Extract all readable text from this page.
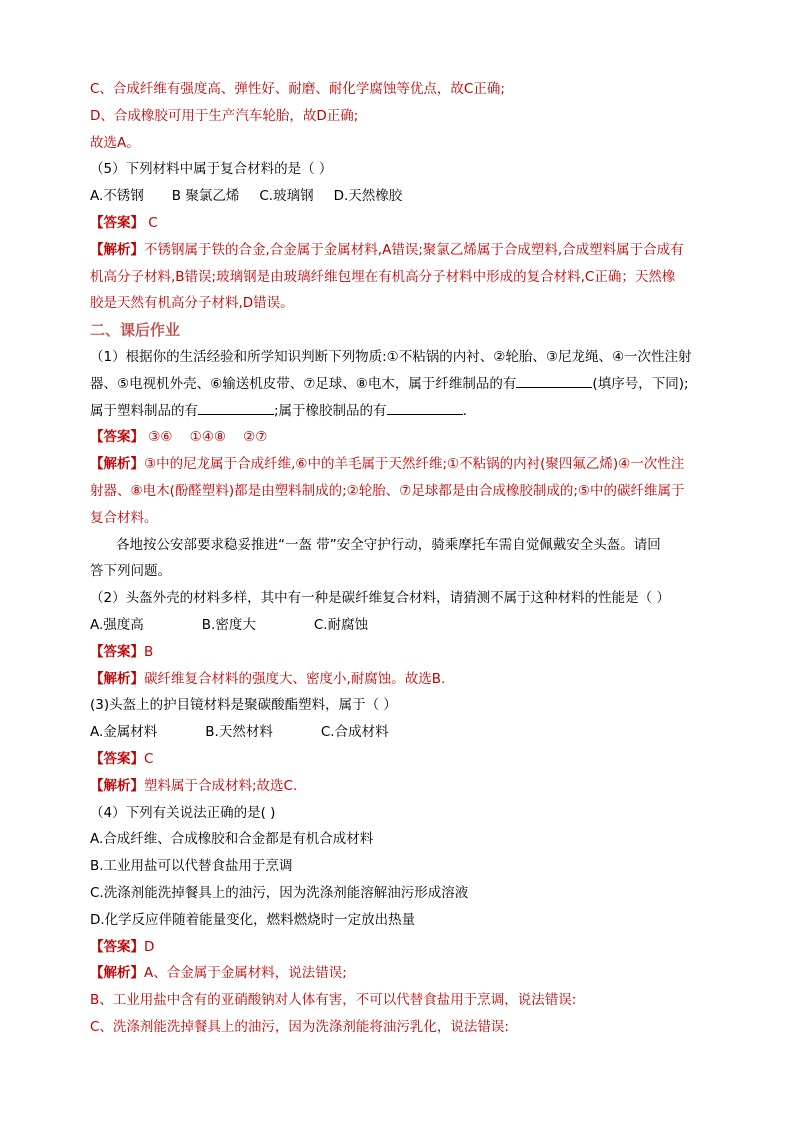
C、合成纤维有强度高、弹性好、耐磨、耐化学腐蚀等优点，故C正确;
D、合成橡胶可用于生产汽车轮胎，故D正确;
故选A。
（5）下列材料中属于复合材料的是（ ）
A.不锈钢 B 聚氯乙烯 C.玻璃钢 D.天然橡胶
【答案】 C
【解析】不锈钢属于铁的合金,合金属于金属材料,A错误;聚氯乙烯属于合成塑料,合成塑料属于合成有
机高分子材料,B错误;玻璃钢是由玻璃纤维包埋在有机高分子材料中形成的复合材料,C正确；天然橡
胶是天然有机高分子材料,D错误。
二、课后作业
（1）根据你的生活经验和所学知识判断下列物质:①不粘锅的内衬、②轮胎、③尼龙绳、④一次性注射
器、⑤电视机外壳、⑥输送机皮带、⑦足球、⑧电木，属于纤维制品的有	(填序号，下同);
属于塑料制品的有	;属于橡胶制品的有	.
【答案】 ③⑥    ①④⑧    ②⑦
【解析】③中的尼龙属于合成纤维,⑥中的羊毛属于天然纤维;①不粘锅的内衬(聚四氟乙烯)④一次性注
射器、⑧电木(酚醛塑料)都是由塑料制成的;②轮胎、⑦足球都是由合成橡胶制成的;⑤中的碳纤维属于
复合材料。
各地按公安部要求稳妥推进“一盔 带”安全守护行动，骑乘摩托车需自觉佩戴安全头盔。请回
答下列问题。
（2）头盔外壳的材料多样，其中有一种是碳纤维复合材料，请猜测不属于这种材料的性能是（ ）
A.强度高	B.密度大	C.耐腐蚀
【答案】B
【解析】碳纤维复合材料的强度大、密度小,耐腐蚀。故选B.
(3)头盔上的护目镜材料是聚碳酸酯塑料，属于（ ）
A.金属材料	B.天然材料	C.合成材料
【答案】C
【解析】塑料属于合成材料;故选C.
（4）下列有关说法正确的是( )
A.合成纤维、合成橡胶和合金都是有机合成材料
B.工业用盐可以代替食盐用于烹调
C.洗涤剂能洗掉餐具上的油污，因为洗涤剂能溶解油污形成溶液
D.化学反应伴随着能量变化，燃料燃烧时一定放出热量
【答案】D
【解析】A、合金属于金属材料，说法错误;
B、工业用盐中含有的亚硝酸钠对人体有害，不可以代替食盐用于烹调，说法错误:
C、洗涤剂能洗掉餐具上的油污，因为洗涤剂能将油污乳化，说法错误:
